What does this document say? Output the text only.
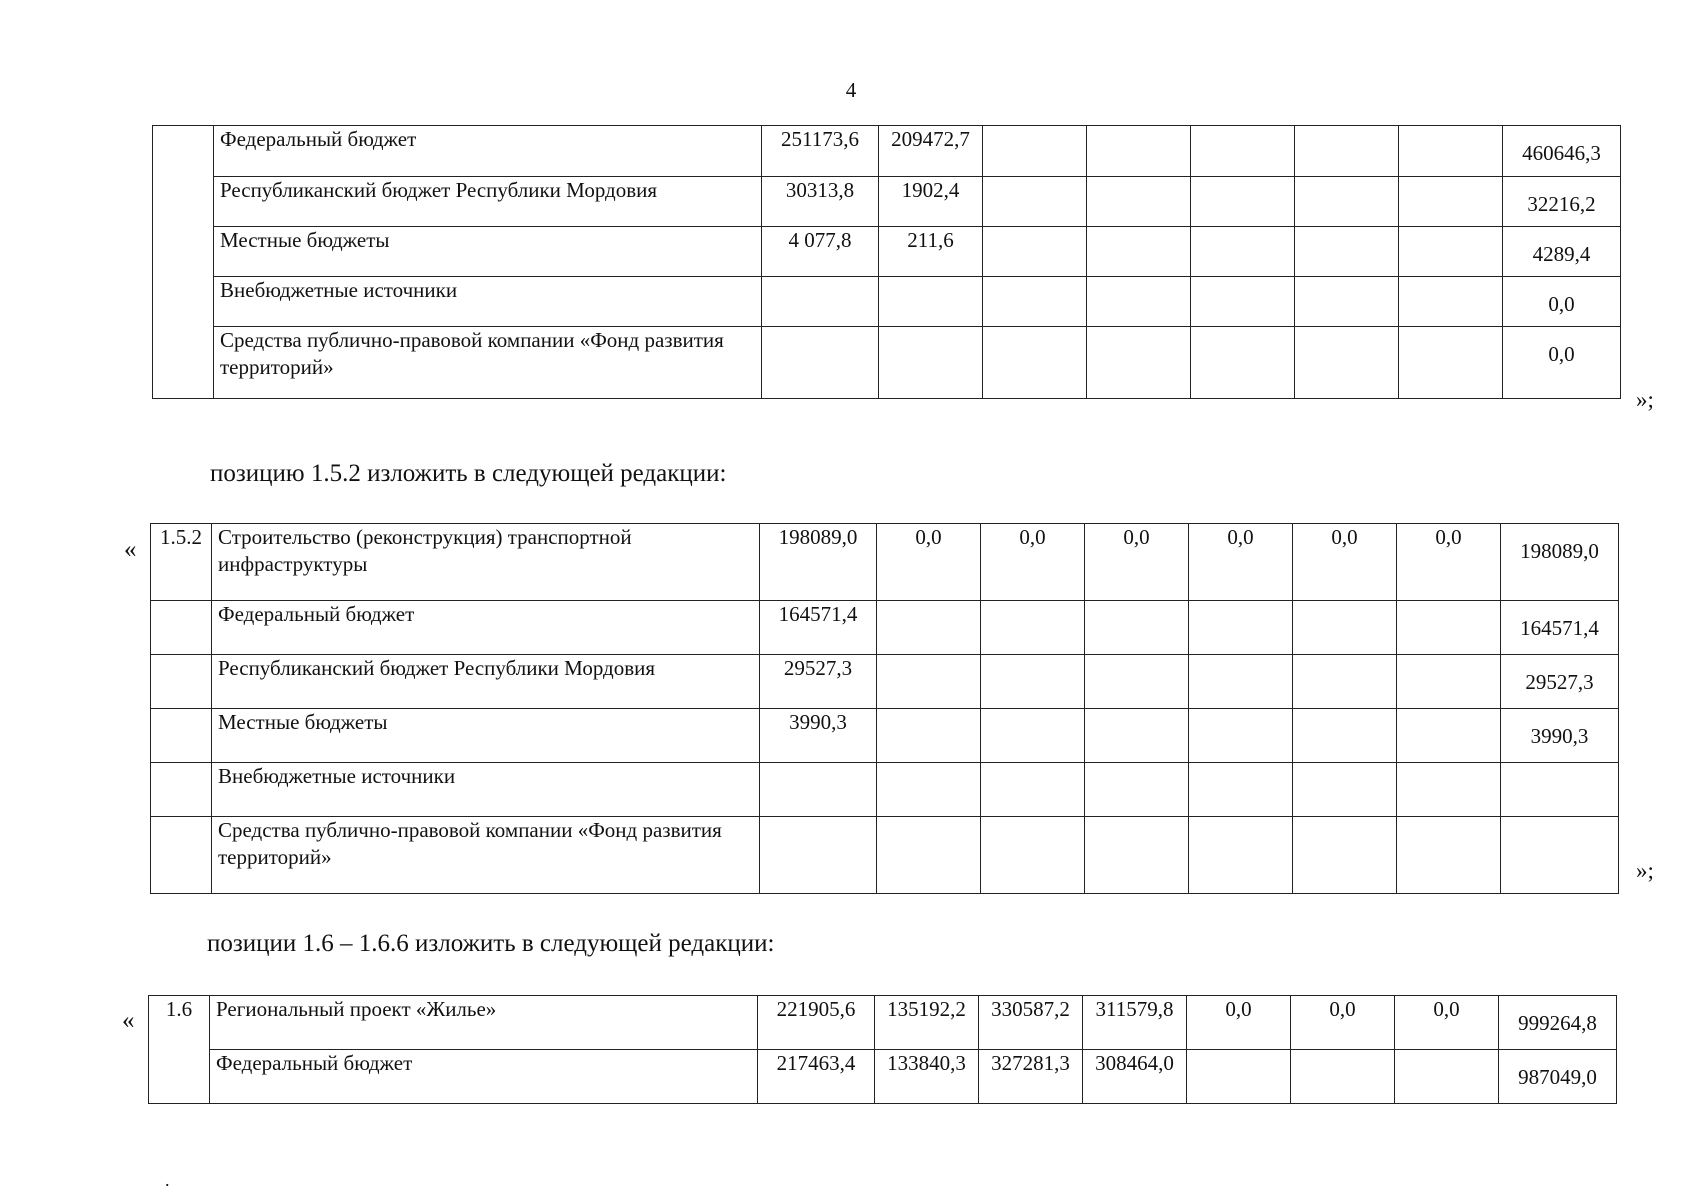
4
	Федеральный бюджет	251173,6	209472,7						460646,3
	Республиканский бюджет Республики Мордовия	30313,8	1902,4						32216,2
	Местные бюджеты	4 077,8	211,6						4289,4
	Внебюджетные источники								0,0
	Средства публично-правовой компании «Фонд развития территорий»								0,0
»;
позицию 1.5.2 изложить в следующей редакции:
« 1.5.2	Строительство (реконструкция) транспортной инфраструктуры	198089,0	0,0	0,0	0,0	0,0	0,0	0,0	198089,0
	Федеральный бюджет	164571,4							164571,4
	Республиканский бюджет Республики Мордовия	29527,3							29527,3
	Местные бюджеты	3990,3							3990,3
	Внебюджетные источники								
	Средства публично-правовой компании «Фонд развития территорий»								
»;
позиции 1.6 – 1.6.6 изложить в следующей редакции:
« 1.6	Региональный проект «Жилье»	221905,6	135192,2	330587,2	311579,8	0,0	0,0	0,0	999264,8
	Федеральный бюджет	217463,4	133840,3	327281,3	308464,0				987049,0
.
